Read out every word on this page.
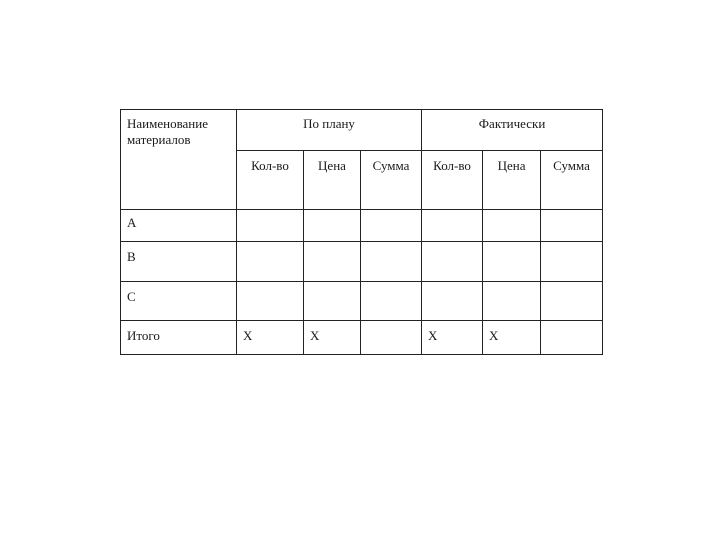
Наименование
материалов	По плану			Фактически		

	Кол-во	Цена	Сумма	Кол-во	Цена	Сумма

А						

В						

С						

Итого	Х	Х		Х	Х	
